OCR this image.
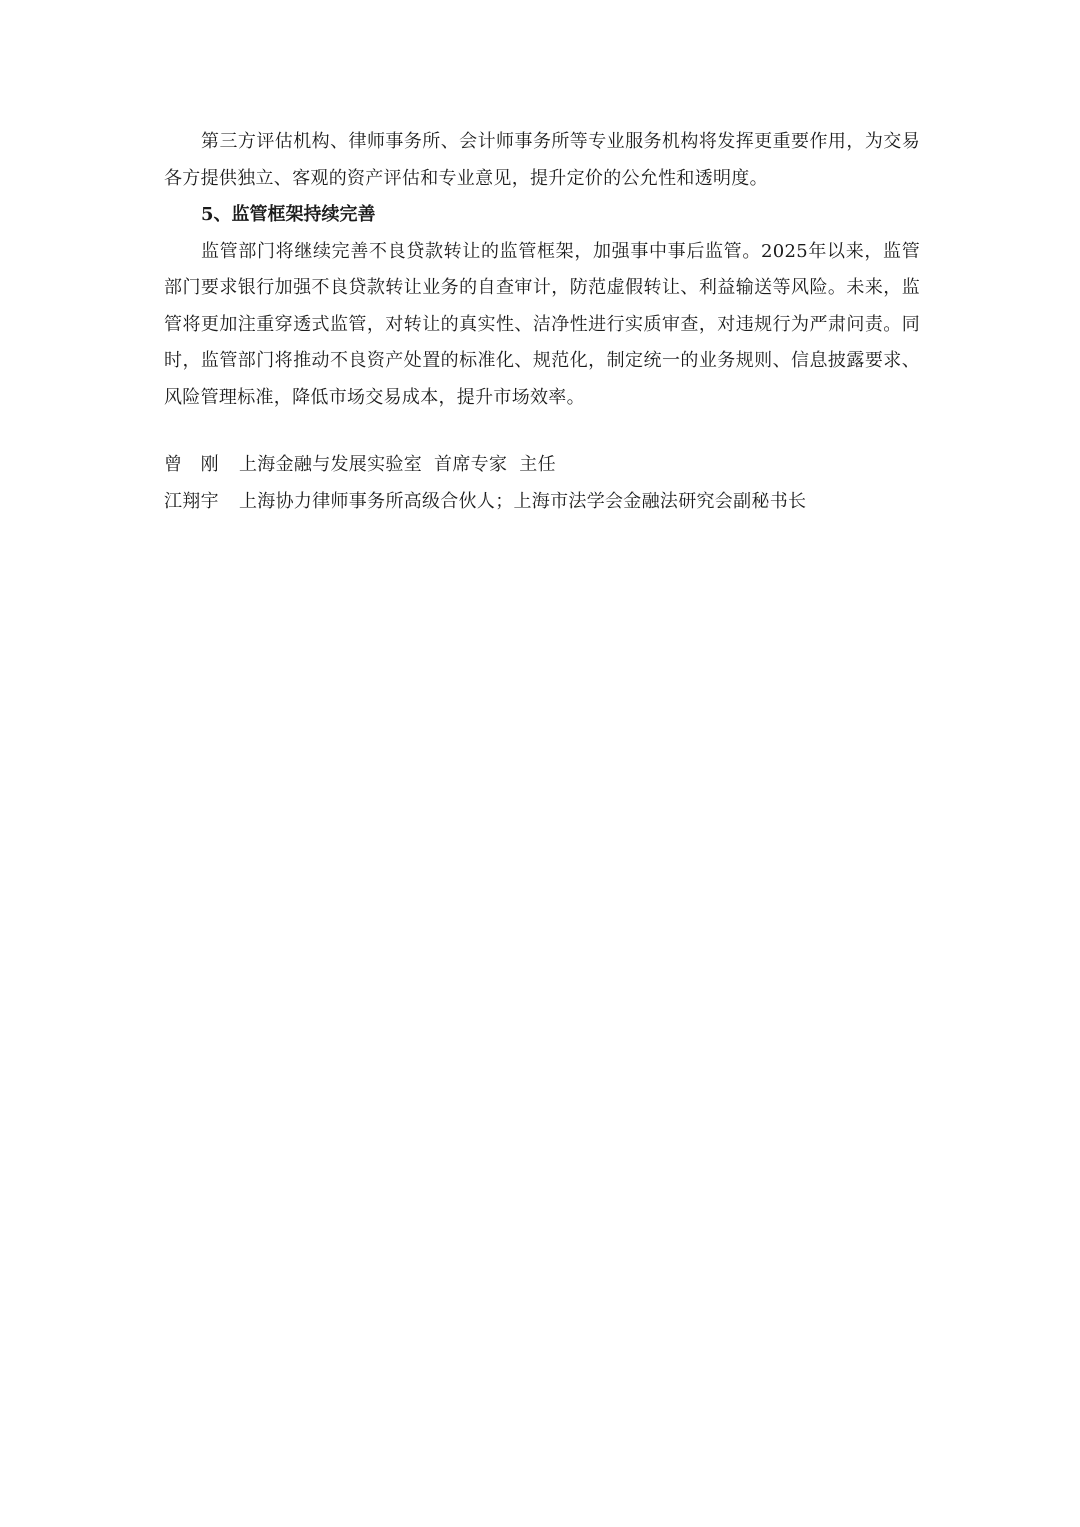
第三方评估机构、律师事务所、会计师事务所等专业服务机构将发挥更重要作用，为交易各方提供独立、客观的资产评估和专业意见，提升定价的公允性和透明度。

5、监管框架持续完善

监管部门将继续完善不良贷款转让的监管框架，加强事中事后监管。2025年以来，监管部门要求银行加强不良贷款转让业务的自查审计，防范虚假转让、利益输送等风险。未来，监管将更加注重穿透式监管，对转让的真实性、洁净性进行实质审查，对违规行为严肃问责。同时，监管部门将推动不良资产处置的标准化、规范化，制定统一的业务规则、信息披露要求、风险管理标准，降低市场交易成本，提升市场效率。

曾　刚	上海金融与发展实验室  首席专家  主任
江翔宇	上海协力律师事务所高级合伙人；上海市法学会金融法研究会副秘书长
